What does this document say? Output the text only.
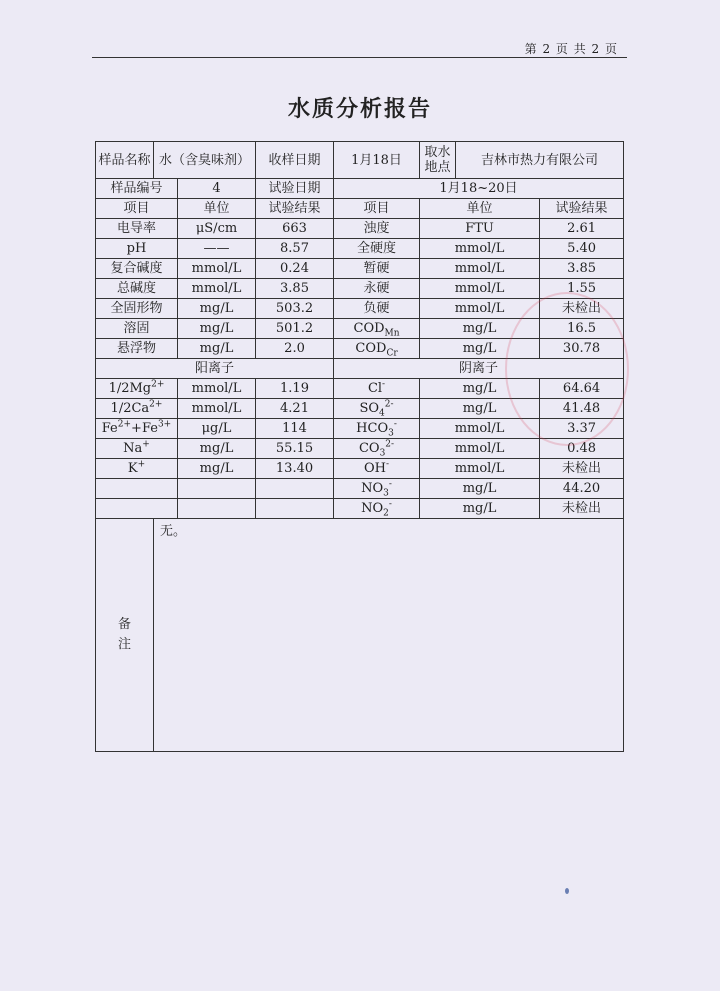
第 2 页 共 2 页
水质分析报告
样品名称	水（含臭味剂）		收样日期	1月18日	取水地点	吉林市热力有限公司	
样品编号		4	试验日期	1月18~20日			
项目		单位	试验结果	项目	单位		试验结果
电导率		μS/cm	663	浊度	FTU		2.61
pH		——	8.57	全硬度	mmol/L		5.40
复合碱度		mmol/L	0.24	暂硬	mmol/L		3.85
总碱度		mmol/L	3.85	永硬	mmol/L		1.55
全固形物		mg/L	503.2	负硬	mmol/L		未检出
溶固		mg/L	501.2	$COD_{Mn}$	mg/L		16.5
悬浮物		mg/L	2.0	$COD_{Cr}$	mg/L		30.78
阳离子				阴离子			
$1/2Mg^{2+}$		mmol/L	1.19	Cl-	mg/L		64.64
$1/2Ca^{2+}$		mmol/L	4.21	$SO_4^{2-}$	mg/L		41.48
$Fe^{2+}+Fe^{3+}$		μg/L	114	$HCO_3^-$	mmol/L		3.37
Na+		mg/L	55.15	$CO_3^{2-}$	mmol/L		0.48
K+		mg/L	13.40	OH-	mmol/L		未检出
				$NO_3^-$	mg/L		44.20
				$NO_2^-$	mg/L		未检出
备注	无。						
